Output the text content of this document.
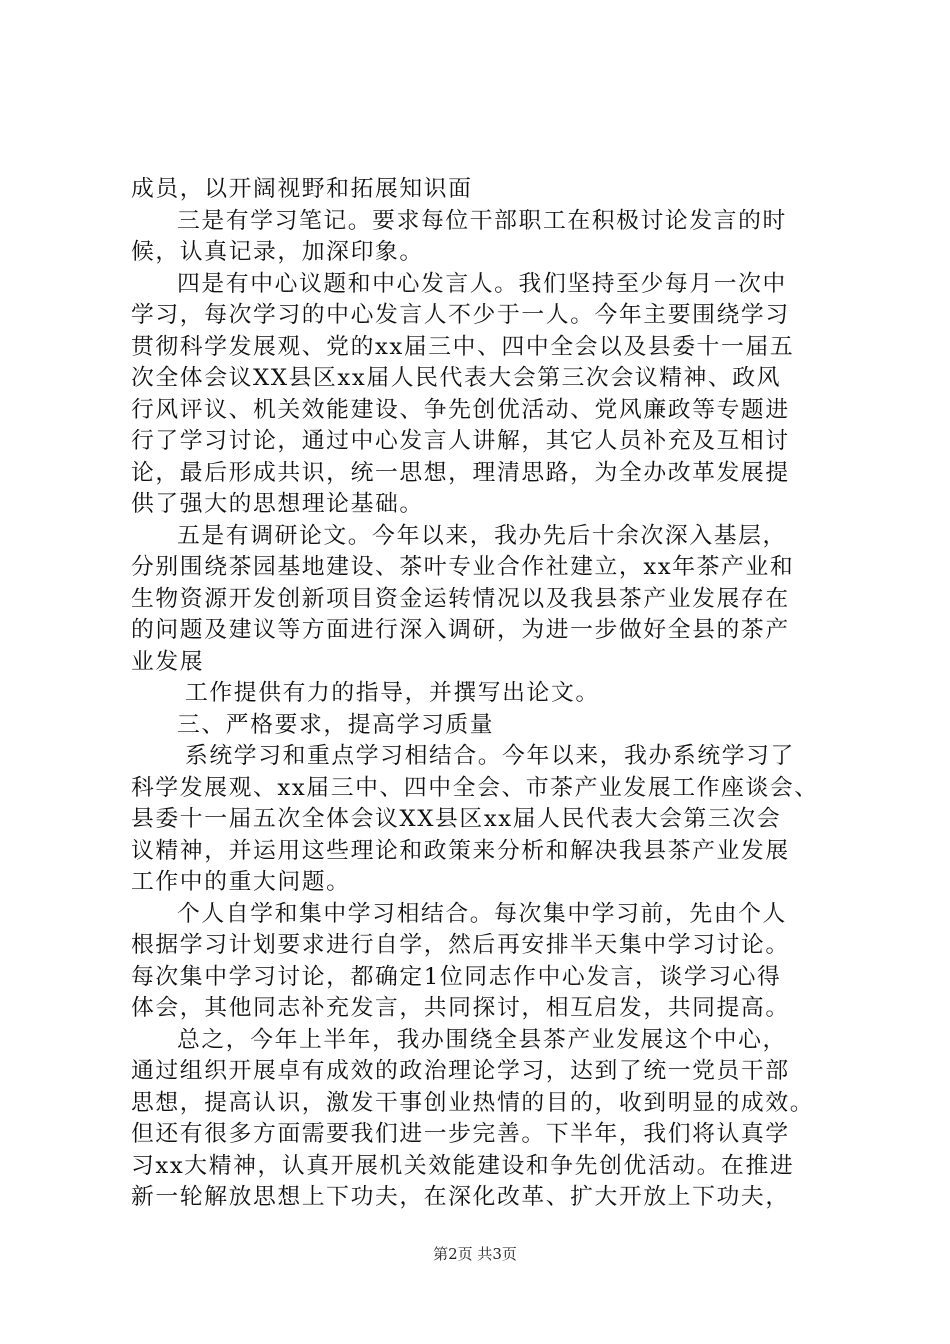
成员，以开阔视野和拓展知识面
三是有学习笔记。要求每位干部职工在积极讨论发言的时
候，认真记录，加深印象。
四是有中心议题和中心发言人。我们坚持至少每月一次中
学习，每次学习的中心发言人不少于一人。今年主要围绕学习
贯彻科学发展观、党的xx届三中、四中全会以及县委十一届五
次全体会议XX县区xx届人民代表大会第三次会议精神、政风
行风评议、机关效能建设、争先创优活动、党风廉政等专题进
行了学习讨论，通过中心发言人讲解，其它人员补充及互相讨
论，最后形成共识，统一思想，理清思路，为全办改革发展提
供了强大的思想理论基础。
五是有调研论文。今年以来，我办先后十余次深入基层，
分别围绕茶园基地建设、茶叶专业合作社建立，xx年茶产业和
生物资源开发创新项目资金运转情况以及我县茶产业发展存在
的问题及建议等方面进行深入调研，为进一步做好全县的茶产
业发展
工作提供有力的指导，并撰写出论文。
三、严格要求，提高学习质量
系统学习和重点学习相结合。今年以来，我办系统学习了
科学发展观、xx届三中、四中全会、市茶产业发展工作座谈会、
县委十一届五次全体会议XX县区xx届人民代表大会第三次会
议精神，并运用这些理论和政策来分析和解决我县茶产业发展
工作中的重大问题。
个人自学和集中学习相结合。每次集中学习前，先由个人
根据学习计划要求进行自学，然后再安排半天集中学习讨论。
每次集中学习讨论，都确定1位同志作中心发言，谈学习心得
体会，其他同志补充发言，共同探讨，相互启发，共同提高。
总之，今年上半年，我办围绕全县茶产业发展这个中心，
通过组织开展卓有成效的政治理论学习，达到了统一党员干部
思想，提高认识，激发干事创业热情的目的，收到明显的成效。
但还有很多方面需要我们进一步完善。下半年，我们将认真学
习xx大精神，认真开展机关效能建设和争先创优活动。在推进
新一轮解放思想上下功夫，在深化改革、扩大开放上下功夫，
第2页 共3页
